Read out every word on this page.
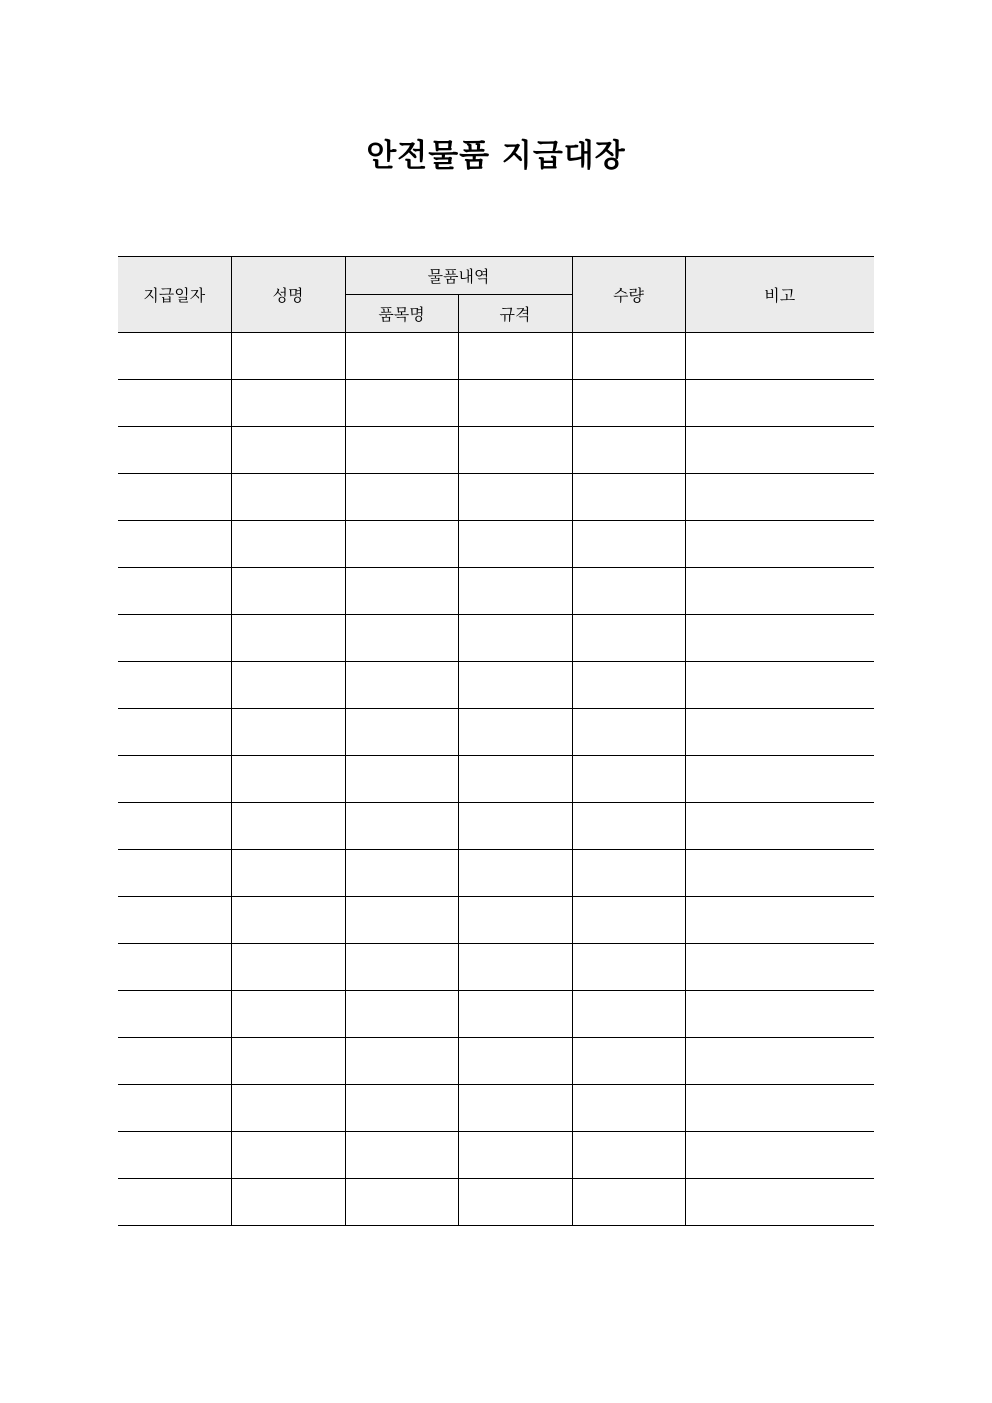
안전물품 지급대장
지급일자	성명	물품내역		수량	비고
		품목명	규격		
